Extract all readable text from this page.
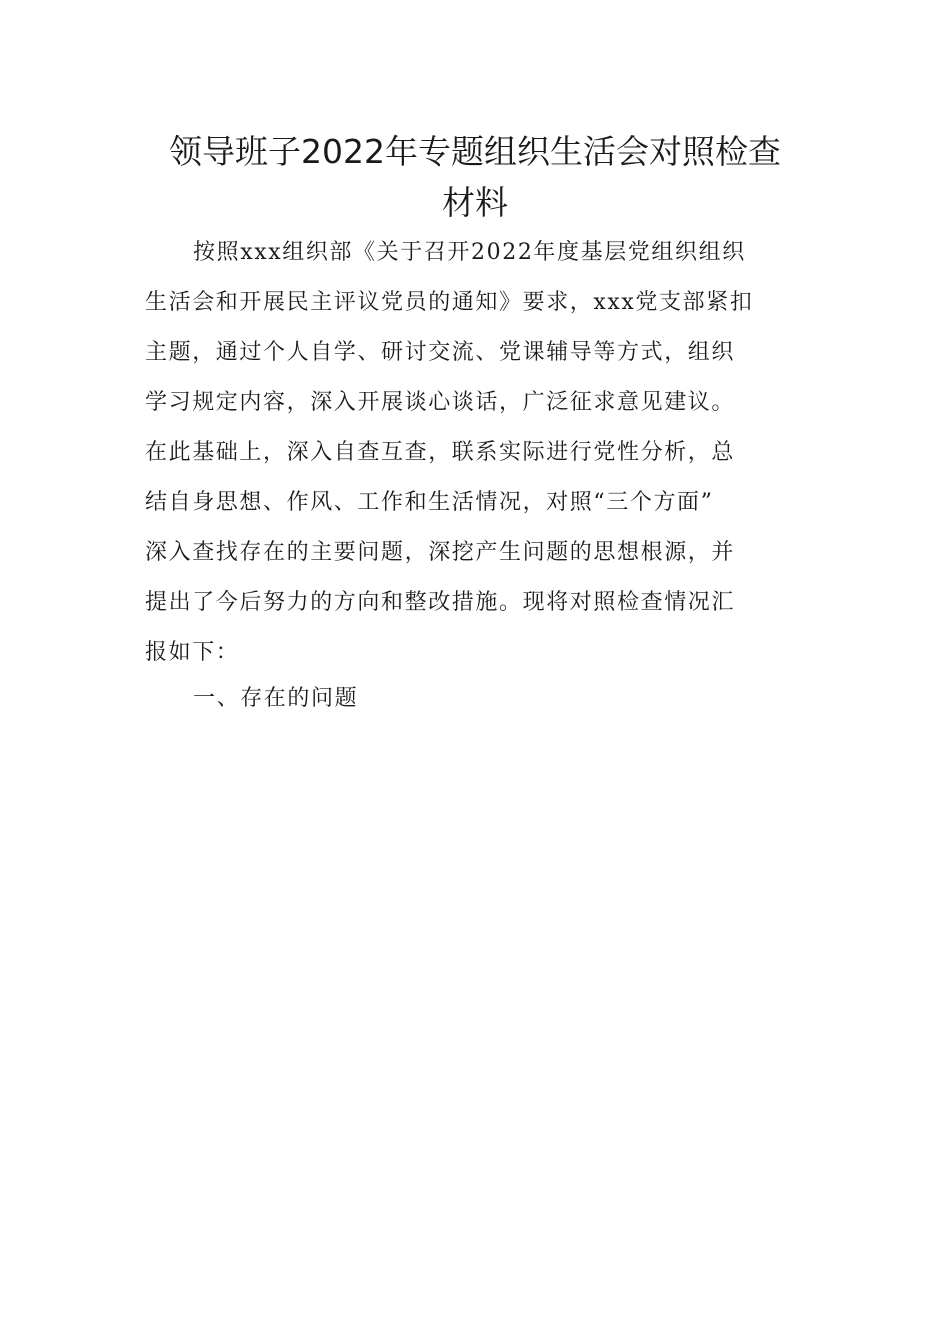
领导班子2022年专题组织生活会对照检查
材料
按照xxx组织部《关于召开2022年度基层党组织组织
生活会和开展民主评议党员的通知》要求，xxx党支部紧扣
主题，通过个人自学、研讨交流、党课辅导等方式，组织
学习规定内容，深入开展谈心谈话，广泛征求意见建议。
在此基础上，深入自查互查，联系实际进行党性分析，总
结自身思想、作风、工作和生活情况，对照“三个方面”
深入查找存在的主要问题，深挖产生问题的思想根源，并
提出了今后努力的方向和整改措施。现将对照检查情况汇
报如下：
一、存在的问题
